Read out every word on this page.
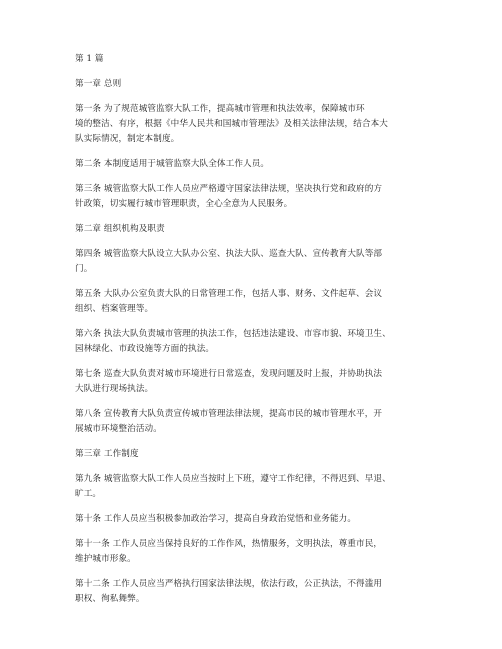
第 1 篇

第一章 总则

第一条 为了规范城管监察大队工作，提高城市管理和执法效率，保障城市环
境的整洁、有序，根据《中华人民共和国城市管理法》及相关法律法规，结合本大
队实际情况，制定本制度。

第二条 本制度适用于城管监察大队全体工作人员。

第三条 城管监察大队工作人员应严格遵守国家法律法规，坚决执行党和政府的方
针政策，切实履行城市管理职责，全心全意为人民服务。

第二章 组织机构及职责

第四条 城管监察大队设立大队办公室、执法大队、巡查大队、宣传教育大队等部
门。

第五条 大队办公室负责大队的日常管理工作，包括人事、财务、文件起草、会议
组织、档案管理等。

第六条 执法大队负责城市管理的执法工作，包括违法建设、市容市貌、环境卫生、
园林绿化、市政设施等方面的执法。

第七条 巡查大队负责对城市环境进行日常巡查，发现问题及时上报，并协助执法
大队进行现场执法。

第八条 宣传教育大队负责宣传城市管理法律法规，提高市民的城市管理水平，开
展城市环境整治活动。

第三章 工作制度

第九条 城管监察大队工作人员应当按时上下班，遵守工作纪律，不得迟到、早退、
旷工。

第十条 工作人员应当积极参加政治学习，提高自身政治觉悟和业务能力。

第十一条 工作人员应当保持良好的工作作风，热情服务，文明执法，尊重市民，
维护城市形象。

第十二条 工作人员应当严格执行国家法律法规，依法行政，公正执法，不得滥用
职权、徇私舞弊。
